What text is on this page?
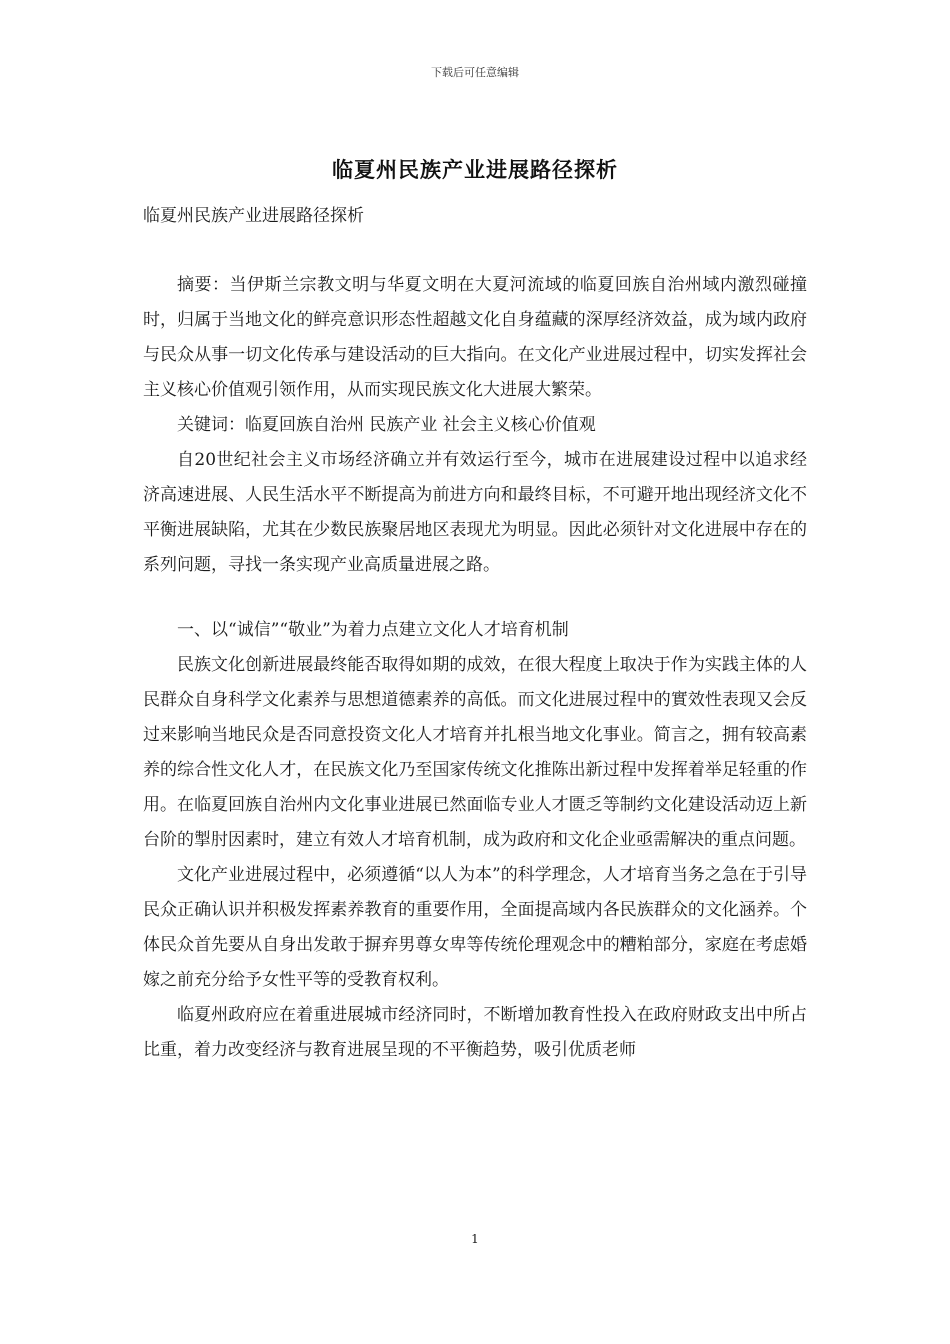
下载后可任意编辑
临夏州民族产业进展路径探析
临夏州民族产业进展路径探析

摘要：当伊斯兰宗教文明与华夏文明在大夏河流域的临夏回族自治州域内激烈碰撞时，归属于当地文化的鲜亮意识形态性超越文化自身蕴藏的深厚经济效益，成为域内政府与民众从事一切文化传承与建设活动的巨大指向。在文化产业进展过程中，切实发挥社会主义核心价值观引领作用，从而实现民族文化大进展大繁荣。

关键词：临夏回族自治州 民族产业 社会主义核心价值观

自20世纪社会主义市场经济确立并有效运行至今，城市在进展建设过程中以追求经济高速进展、人民生活水平不断提高为前进方向和最终目标，不可避开地出现经济文化不平衡进展缺陷，尤其在少数民族聚居地区表现尤为明显。因此必须针对文化进展中存在的系列问题，寻找一条实现产业高质量进展之路。

一、以“诚信”“敬业”为着力点建立文化人才培育机制

民族文化创新进展最终能否取得如期的成效，在很大程度上取决于作为实践主体的人民群众自身科学文化素养与思想道德素养的高低。而文化进展过程中的實效性表现又会反过来影响当地民众是否同意投资文化人才培育并扎根当地文化事业。简言之，拥有较高素养的综合性文化人才，在民族文化乃至国家传统文化推陈出新过程中发挥着举足轻重的作用。在临夏回族自治州内文化事业进展已然面临专业人才匮乏等制约文化建设活动迈上新台阶的掣肘因素时，建立有效人才培育机制，成为政府和文化企业亟需解决的重点问题。

文化产业进展过程中，必须遵循“以人为本”的科学理念，人才培育当务之急在于引导民众正确认识并积极发挥素养教育的重要作用，全面提高域内各民族群众的文化涵养。个体民众首先要从自身出发敢于摒弃男尊女卑等传统伦理观念中的糟粕部分，家庭在考虑婚嫁之前充分给予女性平等的受教育权利。

临夏州政府应在着重进展城市经济同时，不断增加教育性投入在政府财政支出中所占比重，着力改变经济与教育进展呈现的不平衡趋势，吸引优质老师

1
